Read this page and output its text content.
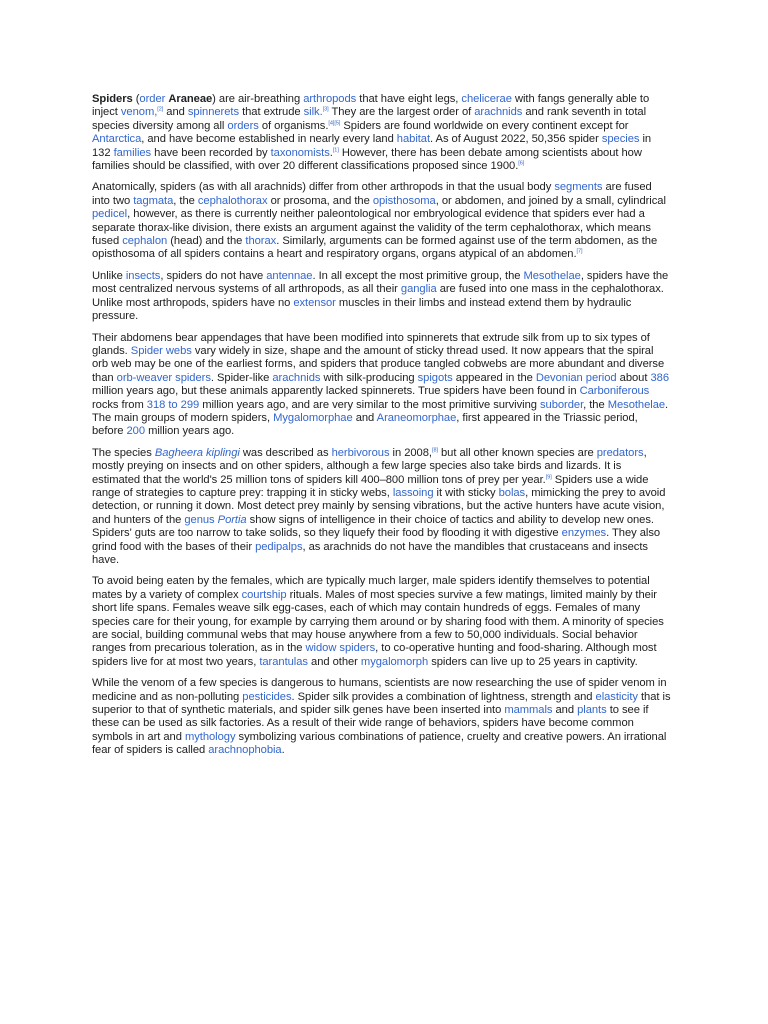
Spiders (order Araneae) are air-breathing arthropods that have eight legs, chelicerae with fangs generally able to inject venom,[2] and spinnerets that extrude silk.[3] They are the largest order of arachnids and rank seventh in total species diversity among all orders of organisms.[4][5] Spiders are found worldwide on every continent except for Antarctica, and have become established in nearly every land habitat. As of August 2022, 50,356 spider species in 132 families have been recorded by taxonomists.[1] However, there has been debate among scientists about how families should be classified, with over 20 different classifications proposed since 1900.[6]

Anatomically, spiders (as with all arachnids) differ from other arthropods in that the usual body segments are fused into two tagmata, the cephalothorax or prosoma, and the opisthosoma, or abdomen, and joined by a small, cylindrical pedicel, however, as there is currently neither paleontological nor embryological evidence that spiders ever had a separate thorax-like division, there exists an argument against the validity of the term cephalothorax, which means fused cephalon (head) and the thorax. Similarly, arguments can be formed against use of the term abdomen, as the opisthosoma of all spiders contains a heart and respiratory organs, organs atypical of an abdomen.[7]

Unlike insects, spiders do not have antennae. In all except the most primitive group, the Mesothelae, spiders have the most centralized nervous systems of all arthropods, as all their ganglia are fused into one mass in the cephalothorax. Unlike most arthropods, spiders have no extensor muscles in their limbs and instead extend them by hydraulic pressure.

Their abdomens bear appendages that have been modified into spinnerets that extrude silk from up to six types of glands. Spider webs vary widely in size, shape and the amount of sticky thread used. It now appears that the spiral orb web may be one of the earliest forms, and spiders that produce tangled cobwebs are more abundant and diverse than orb-weaver spiders. Spider-like arachnids with silk-producing spigots appeared in the Devonian period about 386 million years ago, but these animals apparently lacked spinnerets. True spiders have been found in Carboniferous rocks from 318 to 299 million years ago, and are very similar to the most primitive surviving suborder, the Mesothelae. The main groups of modern spiders, Mygalomorphae and Araneomorphae, first appeared in the Triassic period, before 200 million years ago.

The species Bagheera kiplingi was described as herbivorous in 2008,[8] but all other known species are predators, mostly preying on insects and on other spiders, although a few large species also take birds and lizards. It is estimated that the world's 25 million tons of spiders kill 400–800 million tons of prey per year.[9] Spiders use a wide range of strategies to capture prey: trapping it in sticky webs, lassoing it with sticky bolas, mimicking the prey to avoid detection, or running it down. Most detect prey mainly by sensing vibrations, but the active hunters have acute vision, and hunters of the genus Portia show signs of intelligence in their choice of tactics and ability to develop new ones. Spiders' guts are too narrow to take solids, so they liquefy their food by flooding it with digestive enzymes. They also grind food with the bases of their pedipalps, as arachnids do not have the mandibles that crustaceans and insects have.

To avoid being eaten by the females, which are typically much larger, male spiders identify themselves to potential mates by a variety of complex courtship rituals. Males of most species survive a few matings, limited mainly by their short life spans. Females weave silk egg-cases, each of which may contain hundreds of eggs. Females of many species care for their young, for example by carrying them around or by sharing food with them. A minority of species are social, building communal webs that may house anywhere from a few to 50,000 individuals. Social behavior ranges from precarious toleration, as in the widow spiders, to co-operative hunting and food-sharing. Although most spiders live for at most two years, tarantulas and other mygalomorph spiders can live up to 25 years in captivity.

While the venom of a few species is dangerous to humans, scientists are now researching the use of spider venom in medicine and as non-polluting pesticides. Spider silk provides a combination of lightness, strength and elasticity that is superior to that of synthetic materials, and spider silk genes have been inserted into mammals and plants to see if these can be used as silk factories. As a result of their wide range of behaviors, spiders have become common symbols in art and mythology symbolizing various combinations of patience, cruelty and creative powers. An irrational fear of spiders is called arachnophobia.
